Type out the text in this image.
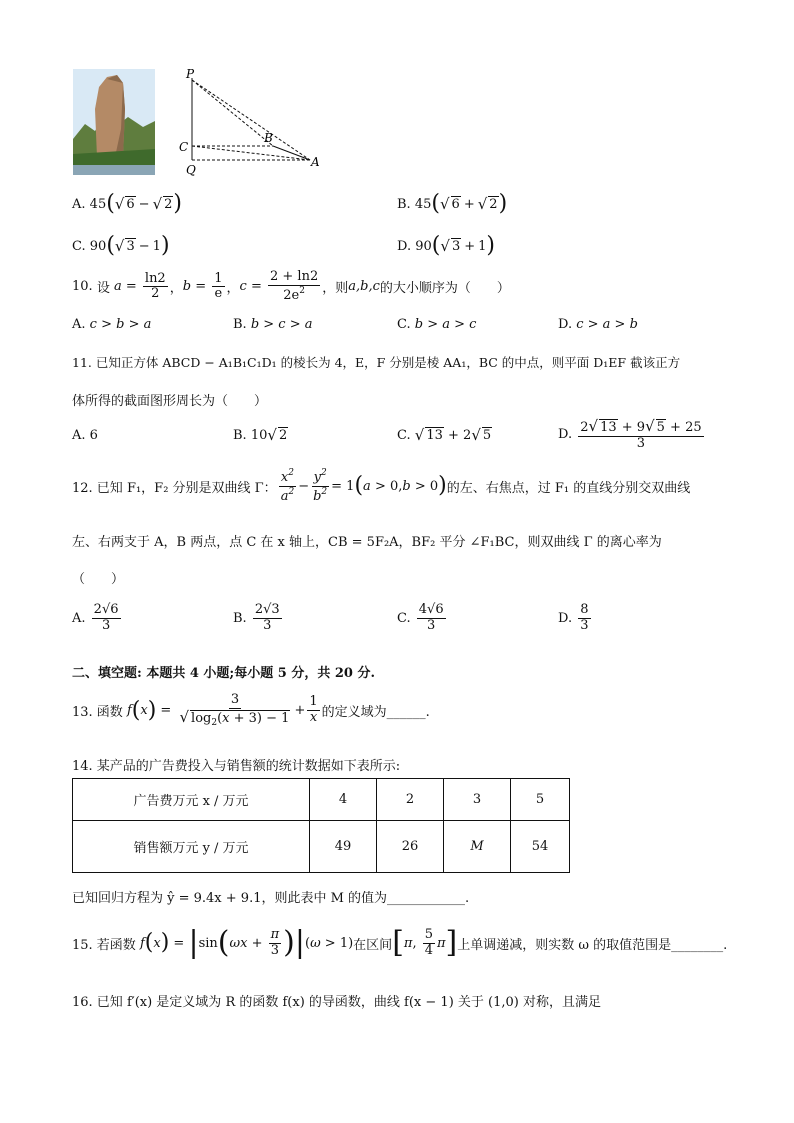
P
C
Q
B
A
A.
45 ( √ 6 − √ 2 )	B.
45 ( √ 6 + √ 2 )
C.
90 ( √ 3 − 1 )	D.
90 ( √ 3 + 1 )
10.
设 $a = \frac{\ln 2}{2}$ ， $b = \frac{1}{e}$ ， $c = \frac{2 + \ln 2}{2e^2}$ ，则 a,b,c 的大小顺序为（　　）
A.
c > b > a	B.
b > c > a	C.
b > a > c	D.
c > a > b
11. 已知正方体 ABCD − A₁B₁C₁D₁ 的棱长为 4，E，F 分别是棱 AA₁，BC 的中点，则平面 D₁EF 截该正方
体所得的截面图形周长为（　　）
A.
6	B.
10 √ 2	C.
√ 13 + 2 √ 5	D.
$\frac{2√ 13 + 9√ 5 + 25}{3}$
12. 已知 F₁，F₂ 分别是双曲线 Γ： $\frac{x^2}{a^2} - \frac{y^2}{b^2} = 1$ ( a > 0, b > 0 ) 的左、右焦点，过 F₁ 的直线分别交双曲线
左、右两支于 A，B 两点，点 C 在 x 轴上，CB = 5F₂A，BF₂ 平分 ∠F₁BC，则双曲线 Γ 的离心率为
（　　）
A.
$\frac{2√6}{3}$	B.
$\frac{2√3}{3}$	C.
$\frac{4√6}{3}$	D.
$\frac{8}{3}$
二、填空题: 本题共 4 小题;每小题 5 分，共 20 分.
13. 函数 f ( x ) = $\frac{3}{√ \log_2(x + 3) - 1} + \frac{1}{x}$ 的定义域为______.
14. 某产品的广告费投入与销售额的统计数据如下表所示:
广告费万元 x / 万元	4	2	3	5
销售额万元 y / 万元	49	26	M	54
已知回归方程为 ŷ = 9.4x + 9.1，则此表中 M 的值为____________.
15. 若函数 f ( x ) = | sin ( $\omega x + \frac{\pi}{3}$ ) | ( ω > 1) 在区间 [ π , $\frac{5}{4}$ π ] 上单调递减，则实数 ω 的取值范围是________.
16. 已知 f′(x) 是定义域为 R 的函数 f(x) 的导函数，曲线 f(x − 1) 关于 (1,0) 对称，且满足
